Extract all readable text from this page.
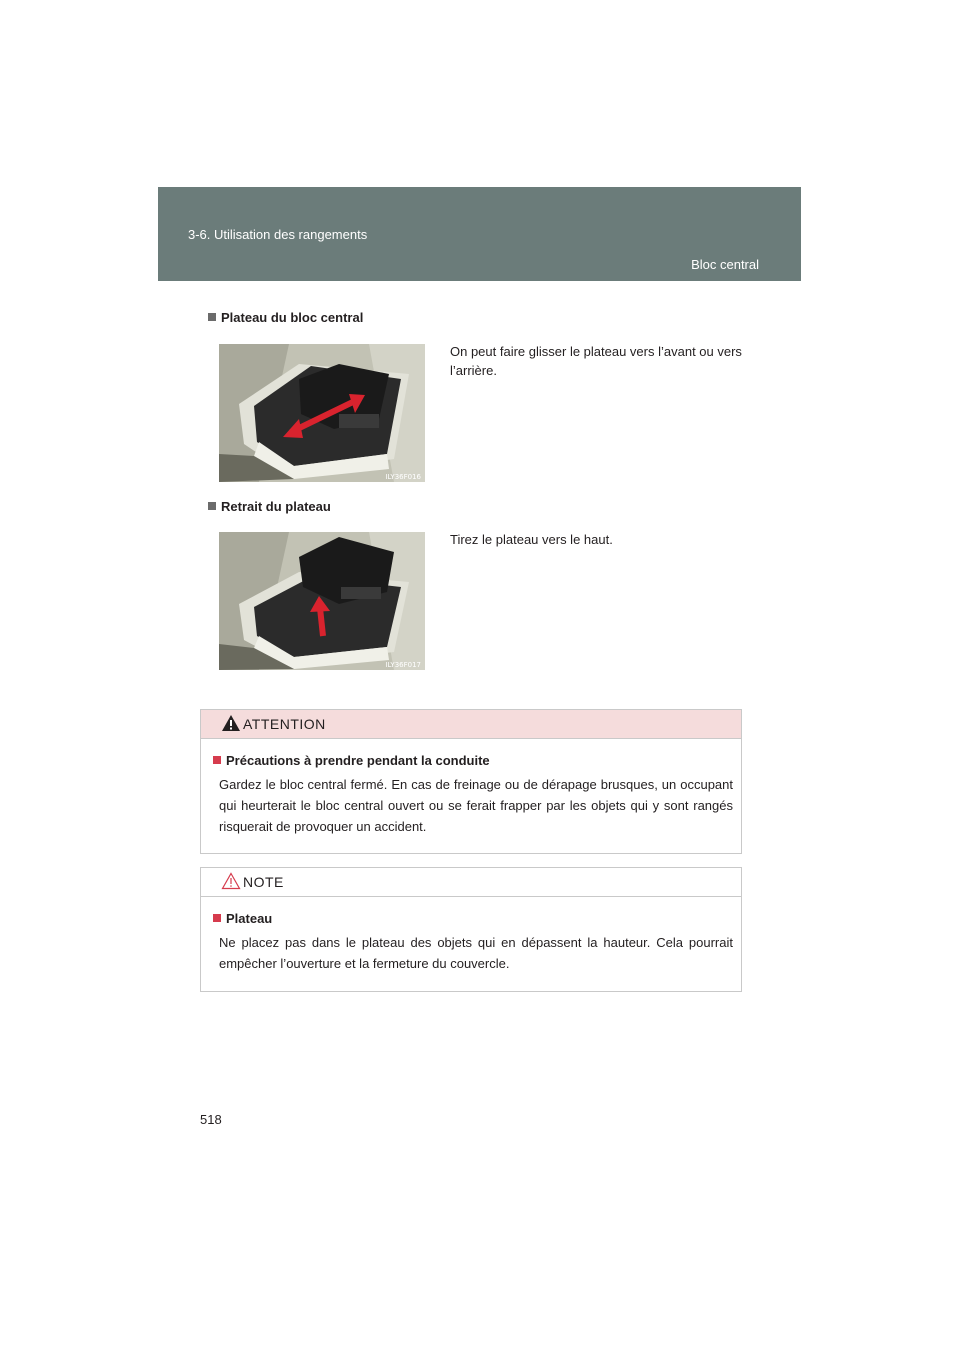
3-6. Utilisation des rangements
Bloc central
Plateau du bloc central
ILY36F016
On peut faire glisser le plateau vers l’avant ou vers l’arrière.
Retrait du plateau
ILY36F017
Tirez le plateau vers le haut.
ATTENTION
Précautions à prendre pendant la conduite
Gardez le bloc central fermé. En cas de freinage ou de dérapage brusques, un occupant qui heurterait le bloc central ouvert ou se ferait frapper par les objets qui y sont rangés risquerait de provoquer un accident.
NOTE
Plateau
Ne placez pas dans le plateau des objets qui en dépassent la hauteur. Cela pourrait empêcher l’ouverture et la fermeture du couvercle.
518
